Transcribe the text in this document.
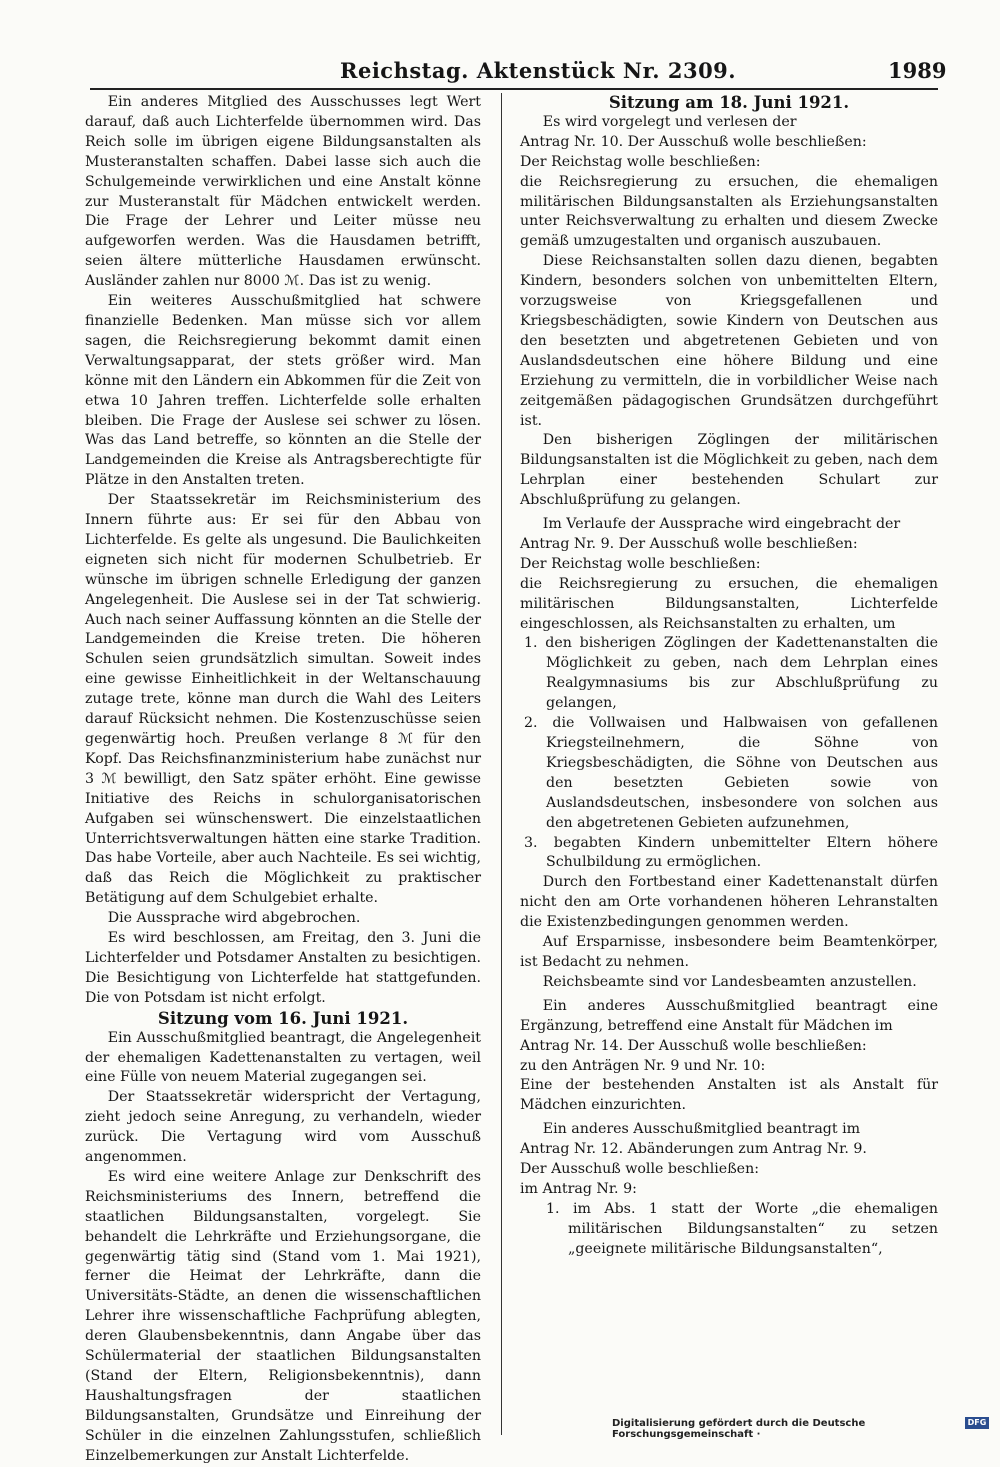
Reichstag. Aktenstück Nr. 2309.	1989

Ein anderes Mitglied des Ausschusses legt Wert darauf, daß auch Lichterfelde übernommen wird. Das Reich solle im übrigen eigene Bildungsanstalten als Musteranstalten schaffen. Dabei lasse sich auch die Schulgemeinde verwirklichen und eine Anstalt könne zur Musteranstalt für Mädchen entwickelt werden. Die Frage der Lehrer und Leiter müsse neu aufgeworfen werden. Was die Hausdamen betrifft, seien ältere mütterliche Hausdamen erwünscht. Ausländer zahlen nur 8000 ℳ. Das ist zu wenig.

Ein weiteres Ausschußmitglied hat schwere finanzielle Bedenken. Man müsse sich vor allem sagen, die Reichsregierung bekommt damit einen Verwaltungsapparat, der stets größer wird. Man könne mit den Ländern ein Abkommen für die Zeit von etwa 10 Jahren treffen. Lichterfelde solle erhalten bleiben. Die Frage der Auslese sei schwer zu lösen. Was das Land betreffe, so könnten an die Stelle der Landgemeinden die Kreise als Antragsberechtigte für Plätze in den Anstalten treten.

Der Staatssekretär im Reichsministerium des Innern führte aus: Er sei für den Abbau von Lichterfelde. Es gelte als ungesund. Die Baulichkeiten eigneten sich nicht für modernen Schulbetrieb. Er wünsche im übrigen schnelle Erledigung der ganzen Angelegenheit. Die Auslese sei in der Tat schwierig. Auch nach seiner Auffassung könnten an die Stelle der Landgemeinden die Kreise treten. Die höheren Schulen seien grundsätzlich simultan. Soweit indes eine gewisse Einheitlichkeit in der Weltanschauung zutage trete, könne man durch die Wahl des Leiters darauf Rücksicht nehmen. Die Kostenzuschüsse seien gegenwärtig hoch. Preußen verlange 8 ℳ für den Kopf. Das Reichsfinanzministerium habe zunächst nur 3 ℳ bewilligt, den Satz später erhöht. Eine gewisse Initiative des Reichs in schulorganisatorischen Aufgaben sei wünschenswert. Die einzelstaatlichen Unterrichtsverwaltungen hätten eine starke Tradition. Das habe Vorteile, aber auch Nachteile. Es sei wichtig, daß das Reich die Möglichkeit zu praktischer Betätigung auf dem Schulgebiet erhalte.

Die Aussprache wird abgebrochen.

Es wird beschlossen, am Freitag, den 3. Juni die Lichterfelder und Potsdamer Anstalten zu besichtigen. Die Besichtigung von Lichterfelde hat stattgefunden. Die von Potsdam ist nicht erfolgt.

Sitzung vom 16. Juni 1921.

Ein Ausschußmitglied beantragt, die Angelegenheit der ehemaligen Kadettenanstalten zu vertagen, weil eine Fülle von neuem Material zugegangen sei.

Der Staatssekretär widerspricht der Vertagung, zieht jedoch seine Anregung, zu verhandeln, wieder zurück. Die Vertagung wird vom Ausschuß angenommen.

Es wird eine weitere Anlage zur Denkschrift des Reichsministeriums des Innern, betreffend die staatlichen Bildungsanstalten, vorgelegt. Sie behandelt die Lehrkräfte und Erziehungsorgane, die gegenwärtig tätig sind (Stand vom 1. Mai 1921), ferner die Heimat der Lehrkräfte, dann die Universitäts-Städte, an denen die wissenschaftlichen Lehrer ihre wissenschaftliche Fachprüfung ablegten, deren Glaubensbekenntnis, dann Angabe über das Schülermaterial der staatlichen Bildungsanstalten (Stand der Eltern, Religionsbekenntnis), dann Haushaltungsfragen der staatlichen Bildungsanstalten, Grundsätze und Einreihung der Schüler in die einzelnen Zahlungsstufen, schließlich Einzelbemerkungen zur Anstalt Lichterfelde.

Sitzung am 18. Juni 1921.

Es wird vorgelegt und verlesen der

Antrag Nr. 10. Der Ausschuß wolle beschließen:

Der Reichstag wolle beschließen:

die Reichsregierung zu ersuchen, die ehemaligen militärischen Bildungsanstalten als Erziehungsanstalten unter Reichsverwaltung zu erhalten und diesem Zwecke gemäß umzugestalten und organisch auszubauen.

Diese Reichsanstalten sollen dazu dienen, begabten Kindern, besonders solchen von unbemittelten Eltern, vorzugsweise von Kriegsgefallenen und Kriegsbeschädigten, sowie Kindern von Deutschen aus den besetzten und abgetretenen Gebieten und von Auslandsdeutschen eine höhere Bildung und eine Erziehung zu vermitteln, die in vorbildlicher Weise nach zeitgemäßen pädagogischen Grundsätzen durchgeführt ist.

Den bisherigen Zöglingen der militärischen Bildungsanstalten ist die Möglichkeit zu geben, nach dem Lehrplan einer bestehenden Schulart zur Abschlußprüfung zu gelangen.

Im Verlaufe der Aussprache wird eingebracht der

Antrag Nr. 9. Der Ausschuß wolle beschließen:

Der Reichstag wolle beschließen:

die Reichsregierung zu ersuchen, die ehemaligen militärischen Bildungsanstalten, Lichterfelde eingeschlossen, als Reichsanstalten zu erhalten, um

1. den bisherigen Zöglingen der Kadettenanstalten die Möglichkeit zu geben, nach dem Lehrplan eines Realgymnasiums bis zur Abschlußprüfung zu gelangen,

2. die Vollwaisen und Halbwaisen von gefallenen Kriegsteilnehmern, die Söhne von Kriegsbeschädigten, die Söhne von Deutschen aus den besetzten Gebieten sowie von Auslandsdeutschen, insbesondere von solchen aus den abgetretenen Gebieten aufzunehmen,

3. begabten Kindern unbemittelter Eltern höhere Schulbildung zu ermöglichen.

Durch den Fortbestand einer Kadettenanstalt dürfen nicht den am Orte vorhandenen höheren Lehranstalten die Existenzbedingungen genommen werden.

Auf Ersparnisse, insbesondere beim Beamtenkörper, ist Bedacht zu nehmen.

Reichsbeamte sind vor Landesbeamten anzustellen.

Ein anderes Ausschußmitglied beantragt eine Ergänzung, betreffend eine Anstalt für Mädchen im

Antrag Nr. 14. Der Ausschuß wolle beschließen:

zu den Anträgen Nr. 9 und Nr. 10:

Eine der bestehenden Anstalten ist als Anstalt für Mädchen einzurichten.

Ein anderes Ausschußmitglied beantragt im

Antrag Nr. 12. Abänderungen zum Antrag Nr. 9.

Der Ausschuß wolle beschließen:

im Antrag Nr. 9:

1. im Abs. 1 statt der Worte „die ehemaligen militärischen Bildungsanstalten“ zu setzen „geeignete militärische Bildungsanstalten“,

Digitalisierung gefördert durch die Deutsche Forschungsgemeinschaft ·
DFG
